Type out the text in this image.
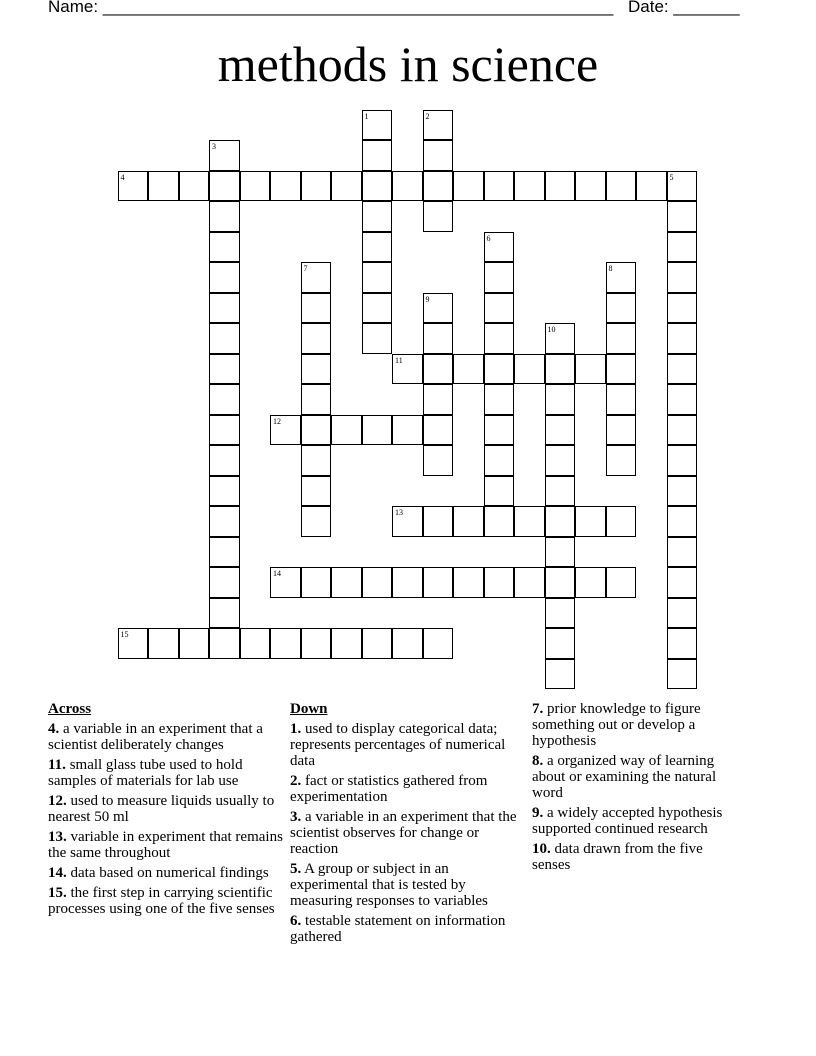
Name: ______________________________________________________ Date: _______
methods in science
1	2
3
4	5
6
7	8
9
10
11
12
13
14
15
Across
4. a variable in an experiment that a scientist deliberately changes
11. small glass tube used to hold samples of materials for lab use
12. used to measure liquids usually to nearest 50 ml
13. variable in experiment that remains the same throughout
14. data based on numerical findings
15. the first step in carrying scientific processes using one of the five senses
Down
1. used to display categorical data; represents percentages of numerical data
2. fact or statistics gathered from experimentation
3. a variable in an experiment that the scientist observes for change or reaction
5. A group or subject in an experimental that is tested by measuring responses to variables
6. testable statement on information gathered
7. prior knowledge to figure something out or develop a hypothesis
8. a organized way of learning about or examining the natural word
9. a widely accepted hypothesis supported continued research
10. data drawn from the five senses
